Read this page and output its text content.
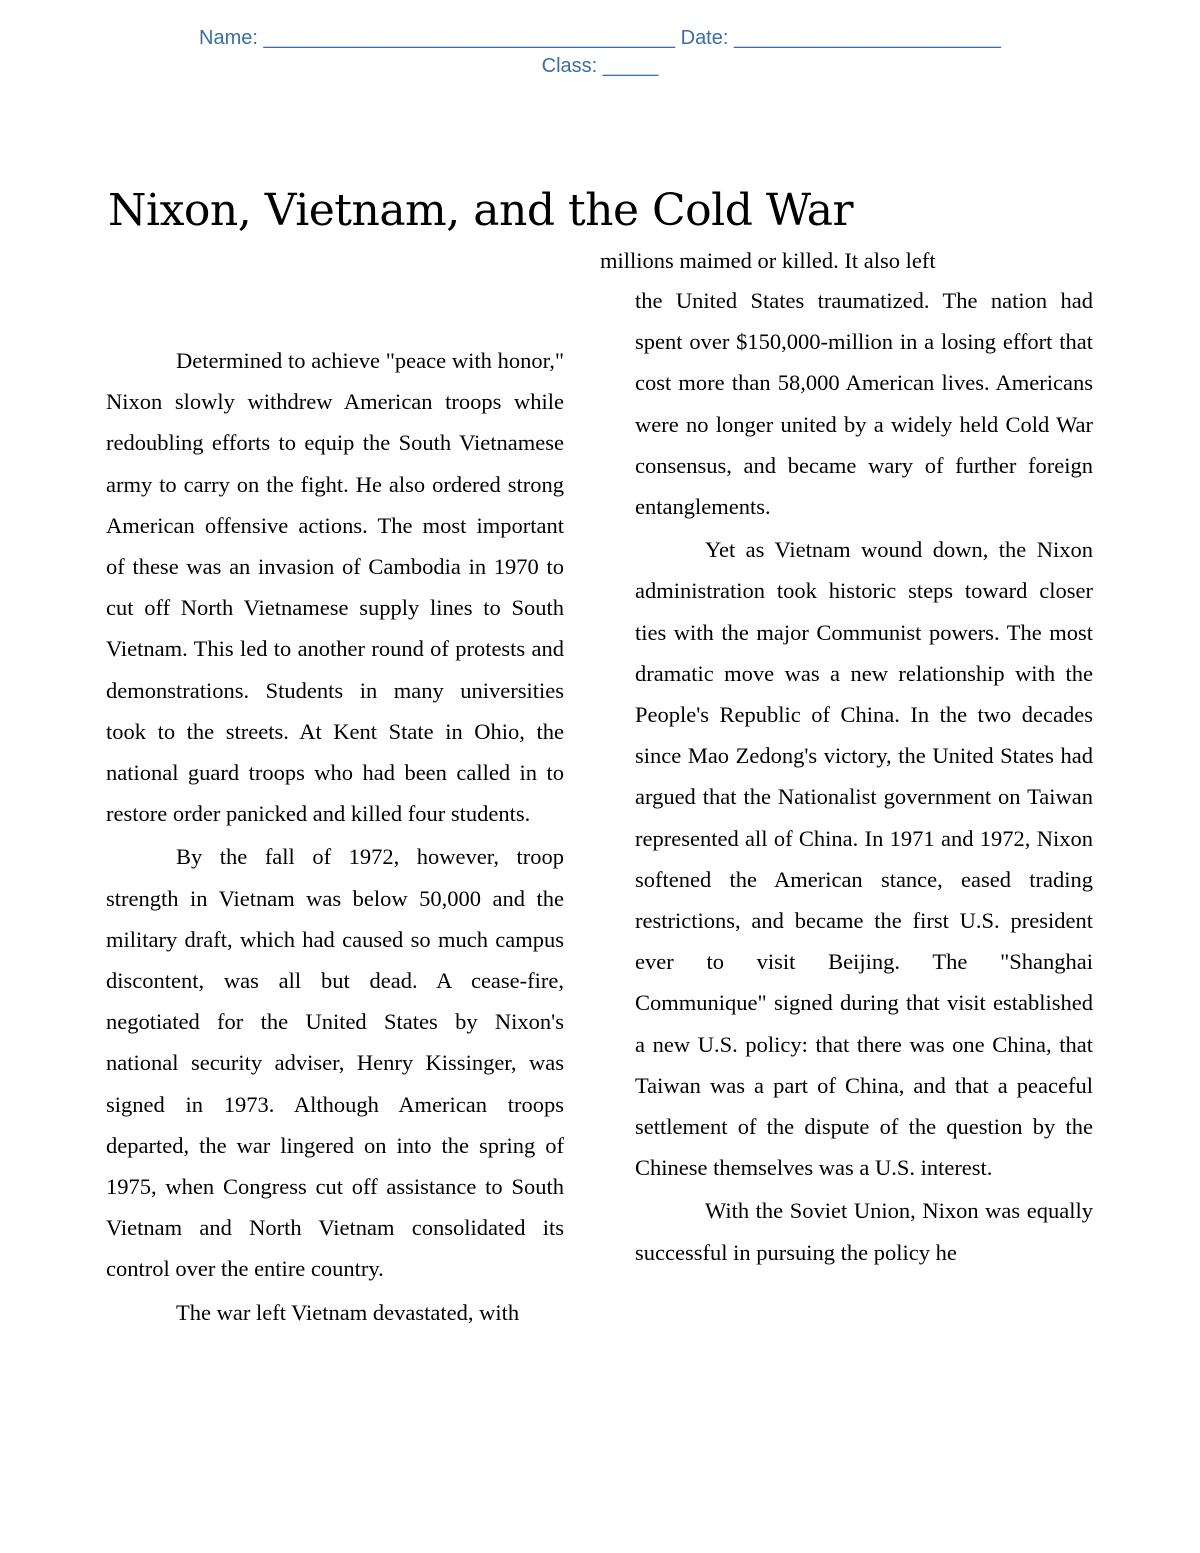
Name: _____________________________________ Date: ________________________
Class: _____
Nixon, Vietnam, and the Cold War

Determined to achieve "peace with honor," Nixon slowly withdrew American troops while redoubling efforts to equip the South Vietnamese army to carry on the fight. He also ordered strong American offensive actions. The most important of these was an invasion of Cambodia in 1970 to cut off North Vietnamese supply lines to South Vietnam. This led to another round of protests and demonstrations. Students in many universities took to the streets. At Kent State in Ohio, the national guard troops who had been called in to restore order panicked and killed four students.

By the fall of 1972, however, troop strength in Vietnam was below 50,000 and the military draft, which had caused so much campus discontent, was all but dead. A cease-fire, negotiated for the United States by Nixon's national security adviser, Henry Kissinger, was signed in 1973. Although American troops departed, the war lingered on into the spring of 1975, when Congress cut off assistance to South Vietnam and North Vietnam consolidated its control over the entire country.

The war left Vietnam devastated, with

millions maimed or killed. It also left

the United States traumatized. The nation had spent over $150,000-million in a losing effort that cost more than 58,000 American lives. Americans were no longer united by a widely held Cold War consensus, and became wary of further foreign entanglements.

Yet as Vietnam wound down, the Nixon administration took historic steps toward closer ties with the major Communist powers. The most dramatic move was a new relationship with the People's Republic of China. In the two decades since Mao Zedong's victory, the United States had argued that the Nationalist government on Taiwan represented all of China. In 1971 and 1972, Nixon softened the American stance, eased trading restrictions, and became the first U.S. president ever to visit Beijing. The "Shanghai Communique" signed during that visit established a new U.S. policy: that there was one China, that Taiwan was a part of China, and that a peaceful settlement of the dispute of the question by the Chinese themselves was a U.S. interest.

With the Soviet Union, Nixon was equally successful in pursuing the policy he
